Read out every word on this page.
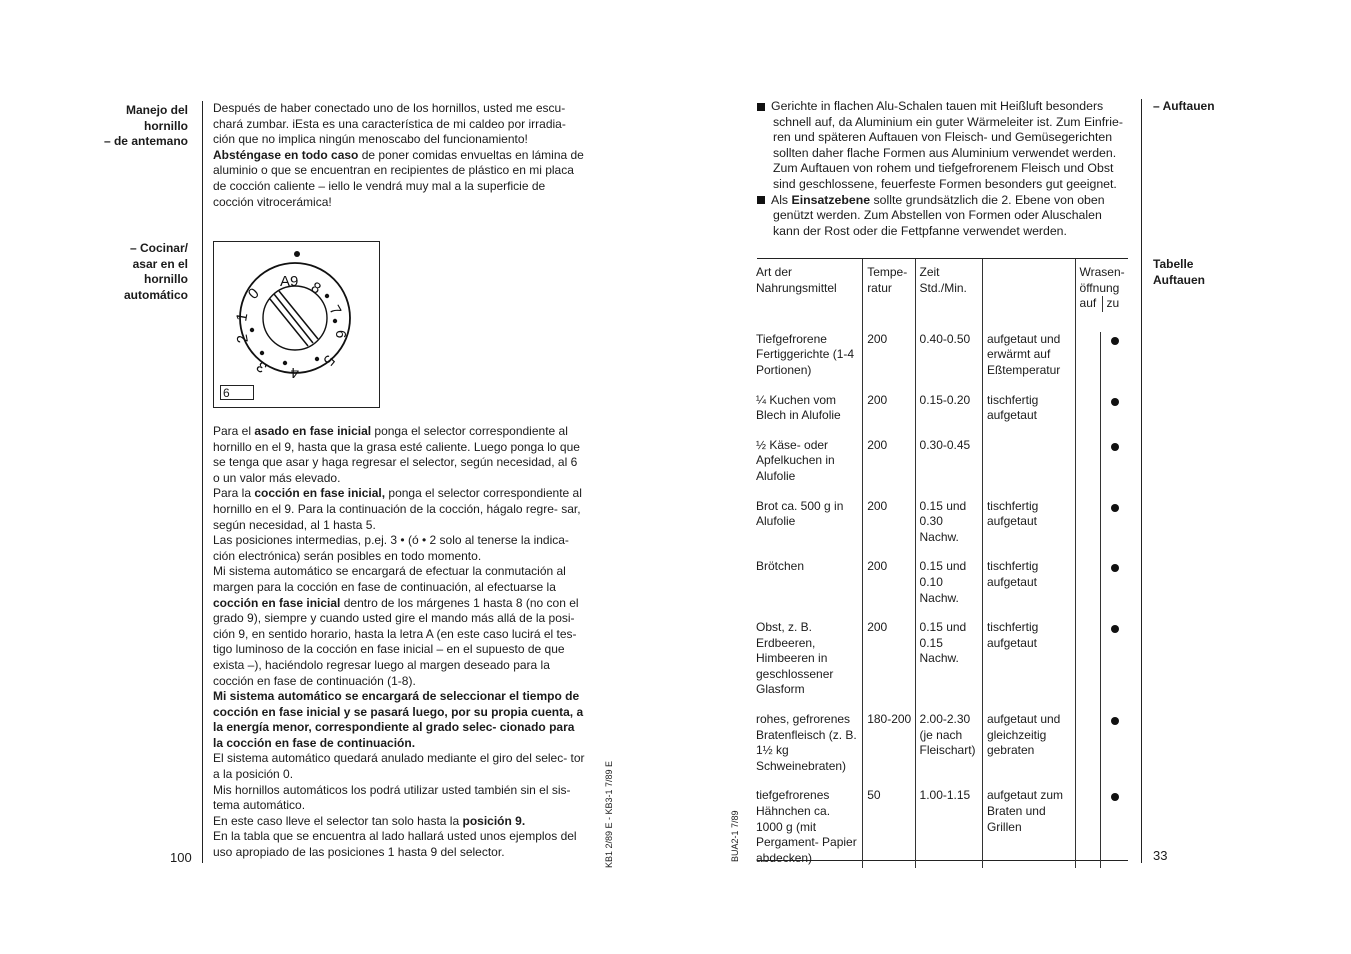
Manejo del
hornillo
– de antemano
– Cocinar/
asar en el
hornillo
automático

Después de haber conectado uno de los hornillos, usted me escu- chará zumbar. iEsta es una característica de mi caldeo por irradia- ción que no implica ningún menoscabo del funcionamiento!

Absténgase en todo caso de poner comidas envueltas en lámina de aluminio o que se encuentran en recipientes de plástico en mi placa de cocción caliente – iello le vendrá muy mal a la superficie de cocción vitrocerámica!

A9 8
7
6
5
4
3
2
1
0
6
Para el asado en fase inicial ponga el selector correspondiente al hornillo en el 9, hasta que la grasa esté caliente. Luego ponga lo que se tenga que asar y haga regresar el selector, según necesidad, al 6 o un valor más elevado.
Para la cocción en fase inicial, ponga el selector correspondiente al hornillo en el 9. Para la continuación de la cocción, hágalo regre- sar, según necesidad, al 1 hasta 5.
Las posiciones intermedias, p.ej. 3 • (ó • 2 solo al tenerse la indica- ción electrónica) serán posibles en todo momento.
Mi sistema automático se encargará de efectuar la conmutación al margen para la cocción en fase de continuación, al efectuarse la cocción en fase inicial dentro de los márgenes 1 hasta 8 (no con el grado 9), siempre y cuando usted gire el mando más allá de la posi- ción 9, en sentido horario, hasta la letra A (en este caso lucirá el tes- tigo luminoso de la cocción en fase inicial – en el supuesto de que exista –), haciéndolo regresar luego al margen deseado para la cocción en fase de continuación (1-8).
Mi sistema automático se encargará de seleccionar el tiempo de cocción en fase inicial y se pasará luego, por su propia cuenta, a la energía menor, correspondiente al grado selec- cionado para la cocción en fase de continuación.
El sistema automático quedará anulado mediante el giro del selec- tor a la posición 0.
Mis hornillos automáticos los podrá utilizar usted también sin el sis- tema automático.
En este caso lleve el selector tan solo hasta la posición 9.
En la tabla que se encuentra al lado hallará usted unos ejemplos del uso apropiado de las posiciones 1 hasta 9 del selector.
100	KB1 2/89 E - KB3-1 7/89 E	BUA2-1 7/89

Gerichte in flachen Alu-Schalen tauen mit Heißluft besonders schnell auf, da Aluminium ein guter Wärmeleiter ist. Zum Einfrie- ren und späteren Auftauen von Fleisch- und Gemüsegerichten sollten daher flache Formen aus Aluminium verwendet werden. Zum Auftauen von rohem und tiefgefrorenem Fleisch und Obst sind geschlossene, feuerfeste Formen besonders gut geeignet.

Als Einsatzebene sollte grundsätzlich die 2. Ebene von oben genützt werden. Zum Abstellen von Formen oder Aluschalen kann der Rost oder die Fettpfanne verwendet werden.

– Auftauen
Tabelle
Auftauen
Art der Nahrungsmittel	Tempe- ratur	Zeit Std./Min.		Wrasen- öffnung
auf zu	

Tiefgefrorene Fertiggerichte (1-4 Portionen)	200	0.40-0.50	aufgetaut und erwärmt auf Eßtemperatur		

¼ Kuchen vom Blech in Alufolie	200	0.15-0.20	tischfertig aufgetaut		

½ Käse- oder Apfelkuchen in Alufolie	200	0.30-0.45			

Brot ca. 500 g in Alufolie	200	0.15 und 0.30 Nachw.	tischfertig aufgetaut		

Brötchen	200	0.15 und 0.10 Nachw.	tischfertig aufgetaut		

Obst, z. B. Erdbeeren, Himbeeren in geschlossener Glasform	200	0.15 und 0.15 Nachw.	tischfertig aufgetaut		

rohes, gefrorenes Bratenfleisch (z. B. 1½ kg Schweinebraten)	180-200	2.00-2.30 (je nach Fleischart)	aufgetaut und gleichzeitig gebraten		

tiefgefrorenes Hähnchen ca. 1000 g (mit Pergament- Papier abdecken)	50	1.00-1.15	aufgetaut zum Braten und Grillen		
33
